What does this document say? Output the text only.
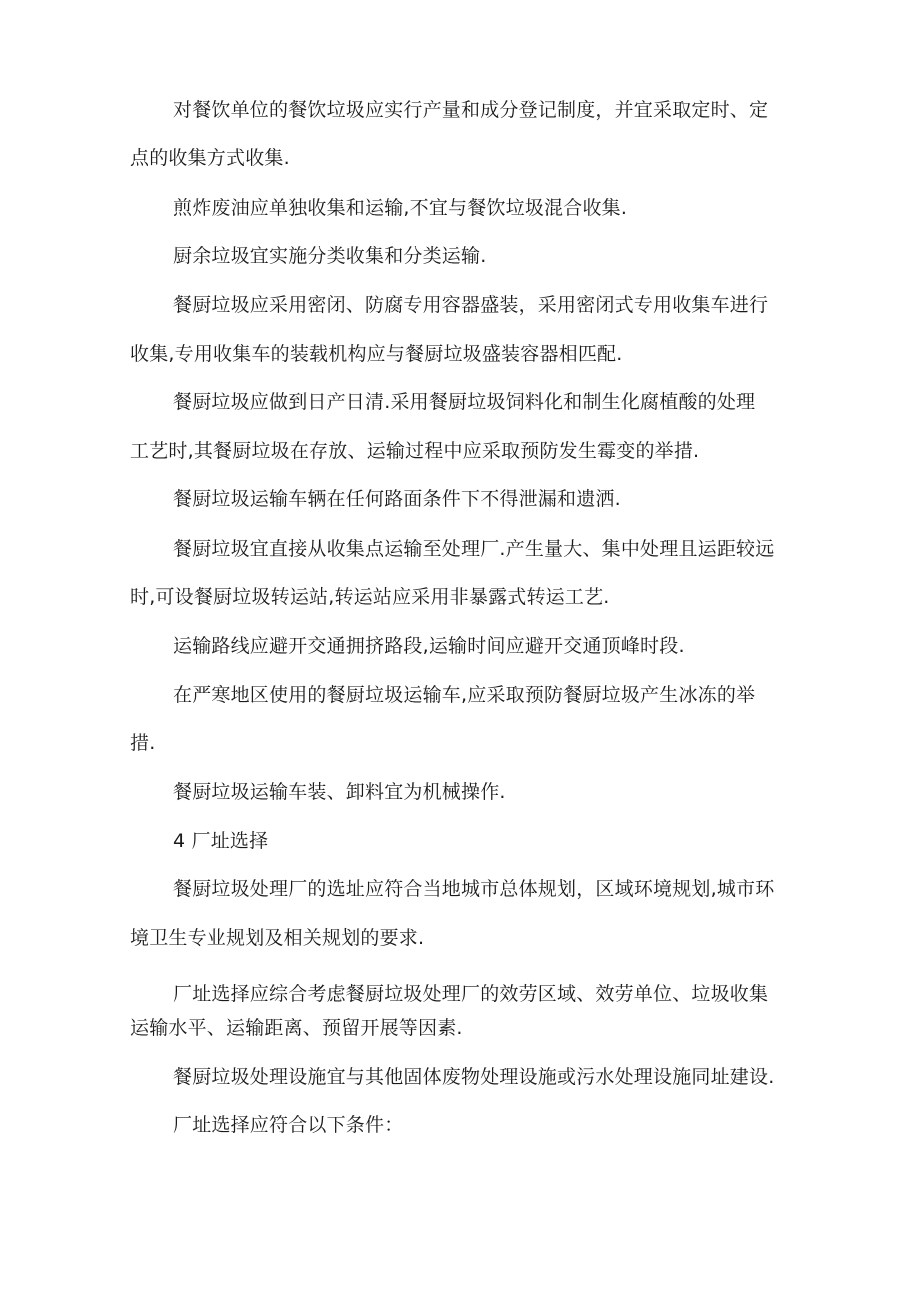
对餐饮单位的餐饮垃圾应实行产量和成分登记制度，并宜采取定时、定
点的收集方式收集.
煎炸废油应单独收集和运输,不宜与餐饮垃圾混合收集.
厨余垃圾宜实施分类收集和分类运输.
餐厨垃圾应采用密闭、防腐专用容器盛装，采用密闭式专用收集车进行
收集,专用收集车的装载机构应与餐厨垃圾盛装容器相匹配.
餐厨垃圾应做到日产日清.采用餐厨垃圾饲料化和制生化腐植酸的处理
工艺时,其餐厨垃圾在存放、运输过程中应采取预防发生霉变的举措.
餐厨垃圾运输车辆在任何路面条件下不得泄漏和遗洒.
餐厨垃圾宜直接从收集点运输至处理厂.产生量大、集中处理且运距较远
时,可设餐厨垃圾转运站,转运站应采用非暴露式转运工艺.
运输路线应避开交通拥挤路段,运输时间应避开交通顶峰时段.
在严寒地区使用的餐厨垃圾运输车,应采取预防餐厨垃圾产生冰冻的举
措.
餐厨垃圾运输车装、卸料宜为机械操作.
4 厂址选择
餐厨垃圾处理厂的选址应符合当地城市总体规划，区域环境规划,城市环
境卫生专业规划及相关规划的要求.
厂址选择应综合考虑餐厨垃圾处理厂的效劳区域、效劳单位、垃圾收集
运输水平、运输距离、预留开展等因素.
餐厨垃圾处理设施宜与其他固体废物处理设施或污水处理设施同址建设.
厂址选择应符合以下条件：
